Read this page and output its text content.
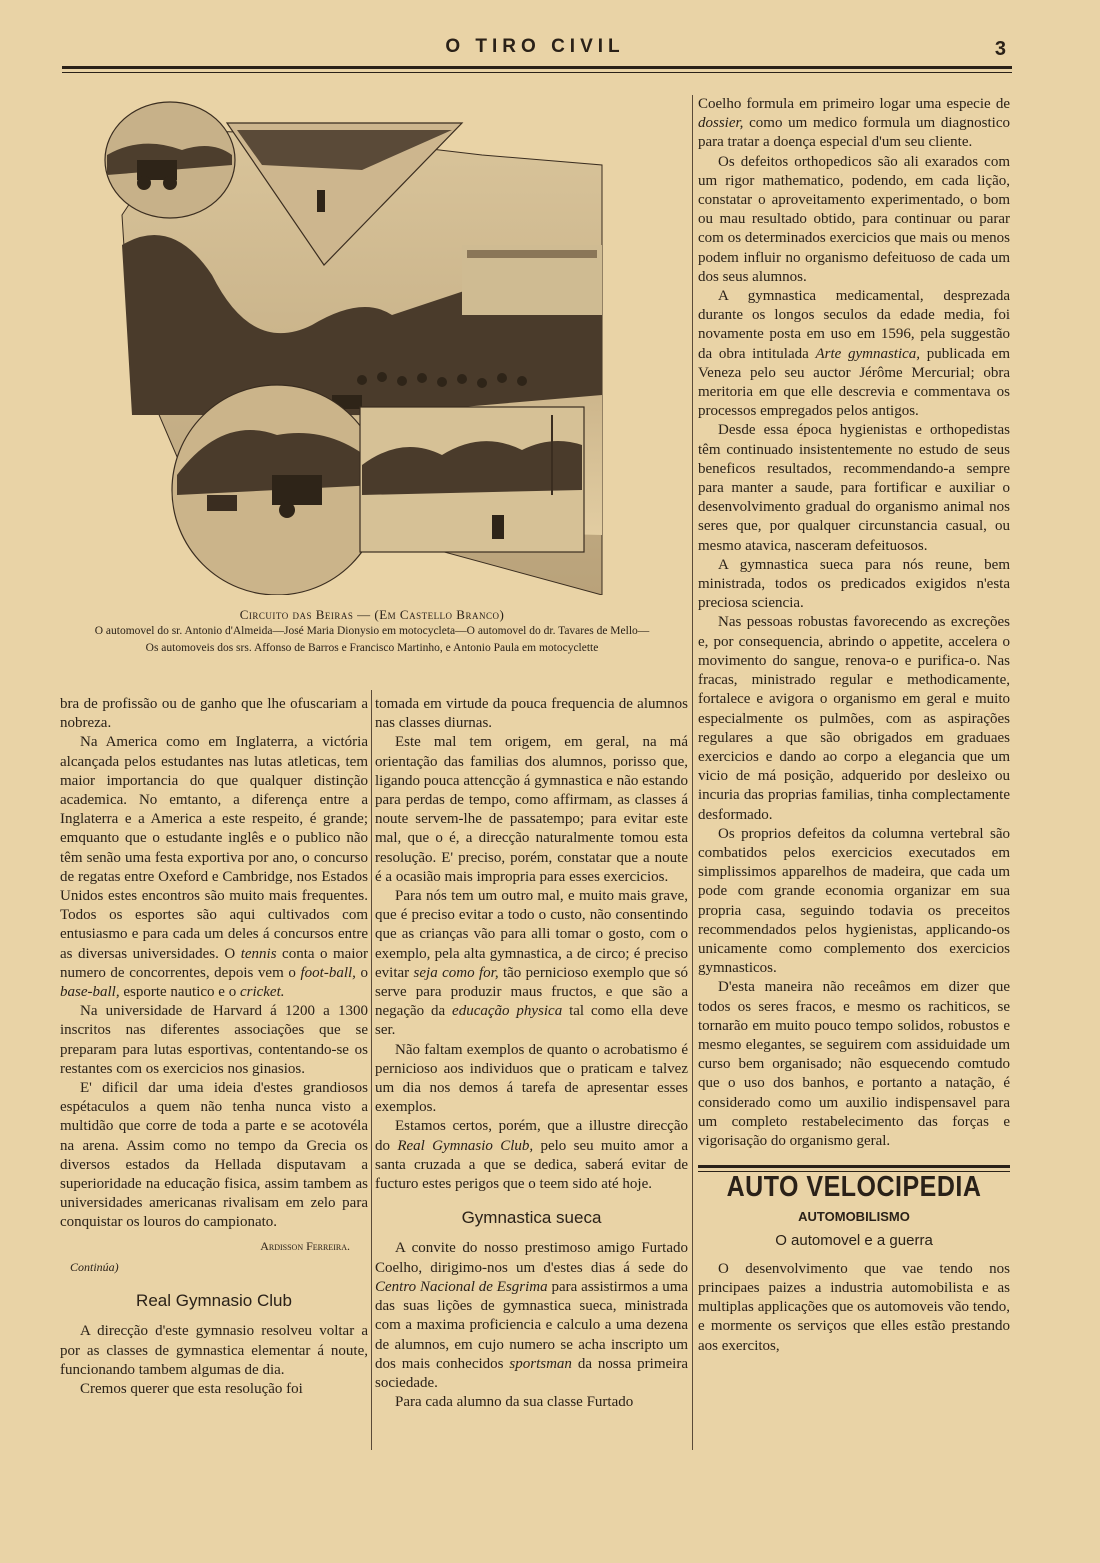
O TIRO CIVIL	3
Circuito das Beiras — (Em Castello Branco)
O automovel do sr. Antonio d'Almeida—José Maria Dionysio em motocycleta—O automovel do dr. Tavares de Mello—
Os automoveis dos srs. Affonso de Barros e Francisco Martinho, e Antonio Paula em motocyclette

bra de profissão ou de ganho que lhe ofuscariam a nobreza.

Na America como em Inglaterra, a victória alcançada pelos estudantes nas lutas atleticas, tem maior importancia do que qualquer distinção academica. No emtanto, a diferença entre a Inglaterra e a America a este respeito, é grande; emquanto que o estudante inglês e o publico não têm senão uma festa exportiva por ano, o concurso de regatas entre Oxeford e Cambridge, nos Estados Unidos estes encontros são muito mais frequentes. Todos os esportes são aqui cultivados com entusiasmo e para cada um deles á concursos entre as diversas universidades. O tennis conta o maior numero de concorrentes, depois vem o foot-ball, o base-ball, esporte nautico e o cricket.

Na universidade de Harvard á 1200 a 1300 inscritos nas diferentes associações que se preparam para lutas esportivas, contentando-se os restantes com os exercicios nos ginasios.

E' dificil dar uma ideia d'estes grandiosos espétaculos a quem não tenha nunca visto a multidão que corre de toda a parte e se acotovéla na arena. Assim como no tempo da Grecia os diversos estados da Hellada disputavam a superioridade na educação fisica, assim tambem as universidades americanas rivalisam em zelo para conquistar os louros do campionato.

Ardisson Ferreira.
Continúa)
Real Gymnasio Club

A direcção d'este gymnasio resolveu voltar a por as classes de gymnastica elementar á noute, funcionando tambem algumas de dia.

Cremos querer que esta resolução foi

tomada em virtude da pouca frequencia de alumnos nas classes diurnas.

Este mal tem origem, em geral, na má orientação das familias dos alumnos, porisso que, ligando pouca attencção á gymnastica e não estando para perdas de tempo, como affirmam, as classes á noute servem-lhe de passatempo; para evitar este mal, que o é, a direcção naturalmente tomou esta resolução. E' preciso, porém, constatar que a noute é a ocasião mais impropria para esses exercicios.

Para nós tem um outro mal, e muito mais grave, que é preciso evitar a todo o custo, não consentindo que as crianças vão para alli tomar o gosto, com o exemplo, pela alta gymnastica, a de circo; é preciso evitar seja como for, tão pernicioso exemplo que só serve para produzir maus fructos, e que são a negação da educação physica tal como ella deve ser.

Não faltam exemplos de quanto o acrobatismo é pernicioso aos individuos que o praticam e talvez um dia nos demos á tarefa de apresentar esses exemplos.

Estamos certos, porém, que a illustre direcção do Real Gymnasio Club, pelo seu muito amor a santa cruzada a que se dedica, saberá evitar de fucturo estes perigos que o teem sido até hoje.

Gymnastica sueca

A convite do nosso prestimoso amigo Furtado Coelho, dirigimo-nos um d'estes dias á sede do Centro Nacional de Esgrima para assistirmos a uma das suas lições de gymnastica sueca, ministrada com a maxima proficiencia e calculo a uma dezena de alumnos, em cujo numero se acha inscripto um dos mais conhecidos sportsman da nossa primeira sociedade.

Para cada alumno da sua classe Furtado

Coelho formula em primeiro logar uma especie de dossier, como um medico formula um diagnostico para tratar a doença especial d'um seu cliente.

Os defeitos orthopedicos são ali exarados com um rigor mathematico, podendo, em cada lição, constatar o aproveitamento experimentado, o bom ou mau resultado obtido, para continuar ou parar com os determinados exercicios que mais ou menos podem influir no organismo defeituoso de cada um dos seus alumnos.

A gymnastica medicamental, desprezada durante os longos seculos da edade media, foi novamente posta em uso em 1596, pela suggestão da obra intitulada Arte gymnastica, publicada em Veneza pelo seu auctor Jérôme Mercurial; obra meritoria em que elle descrevia e commentava os processos empregados pelos antigos.

Desde essa época hygienistas e orthopedistas têm continuado insistentemente no estudo de seus beneficos resultados, recommendando-a sempre para manter a saude, para fortificar e auxiliar o desenvolvimento gradual do organismo animal nos seres que, por qualquer circunstancia casual, ou mesmo atavica, nasceram defeituosos.

A gymnastica sueca para nós reune, bem ministrada, todos os predicados exigidos n'esta preciosa sciencia.

Nas pessoas robustas favorecendo as excreções e, por consequencia, abrindo o appetite, accelera o movimento do sangue, renova-o e purifica-o. Nas fracas, ministrado regular e methodicamente, fortalece e avigora o organismo em geral e muito especialmente os pulmões, com as aspirações regulares a que são obrigados em graduaes exercicios e dando ao corpo a elegancia que um vicio de má posição, adquerido por desleixo ou incuria das proprias familias, tinha complectamente desformado.

Os proprios defeitos da columna vertebral são combatidos pelos exercicios executados em simplissimos apparelhos de madeira, que cada um pode com grande economia organizar em sua propria casa, seguindo todavia os preceitos recommendados pelos hygienistas, applicando-os unicamente como complemento dos exercicios gymnasticos.

D'esta maneira não receâmos em dizer que todos os seres fracos, e mesmo os rachiticos, se tornarão em muito pouco tempo solidos, robustos e mesmo elegantes, se seguirem com assiduidade um curso bem organisado; não esquecendo comtudo que o uso dos banhos, e portanto a natação, é considerado como um auxilio indispensavel para um completo restabelecimento das forças e vigorisação do organismo geral.

AUTO VELOCIPEDIA
AUTOMOBILISMO
O automovel e a guerra

O desenvolvimento que vae tendo nos principaes paizes a industria automobilista e as multiplas applicações que os automoveis vão tendo, e mormente os serviços que elles estão prestando aos exercitos,
